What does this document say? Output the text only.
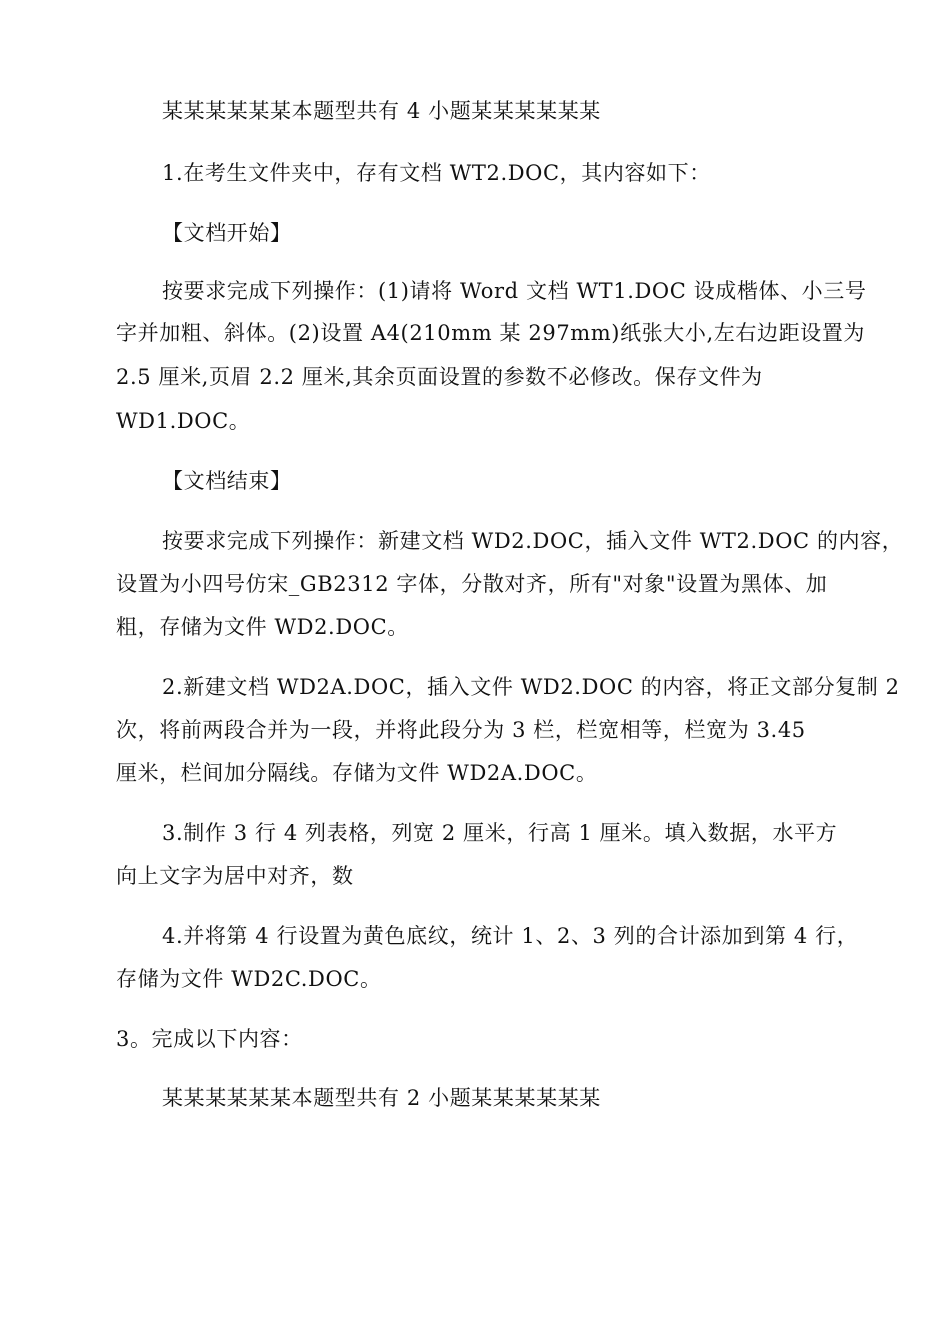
某某某某某某本题型共有 4 小题某某某某某某
1.在考生文件夹中，存有文档 WT2.DOC，其内容如下：
【文档开始】
按要求完成下列操作：(1)请将 Word 文档 WT1.DOC 设成楷体、小三号
字并加粗、斜体。(2)设置 A4(210mm 某 297mm)纸张大小,左右边距设置为
2.5 厘米,页眉 2.2 厘米,其余页面设置的参数不必修改。保存文件为
WD1.DOC。
【文档结束】
按要求完成下列操作：新建文档 WD2.DOC，插入文件 WT2.DOC 的内容，
设置为小四号仿宋_GB2312 字体，分散对齐，所有"对象"设置为黑体、加
粗，存储为文件 WD2.DOC。
2.新建文档 WD2A.DOC，插入文件 WD2.DOC 的内容，将正文部分复制 2
次，将前两段合并为一段，并将此段分为 3 栏，栏宽相等，栏宽为 3.45
厘米，栏间加分隔线。存储为文件 WD2A.DOC。
3.制作 3 行 4 列表格，列宽 2 厘米，行高 1 厘米。填入数据，水平方
向上文字为居中对齐，数
4.并将第 4 行设置为黄色底纹，统计 1、2、3 列的合计添加到第 4 行，
存储为文件 WD2C.DOC。
3。完成以下内容：
某某某某某某本题型共有 2 小题某某某某某某
